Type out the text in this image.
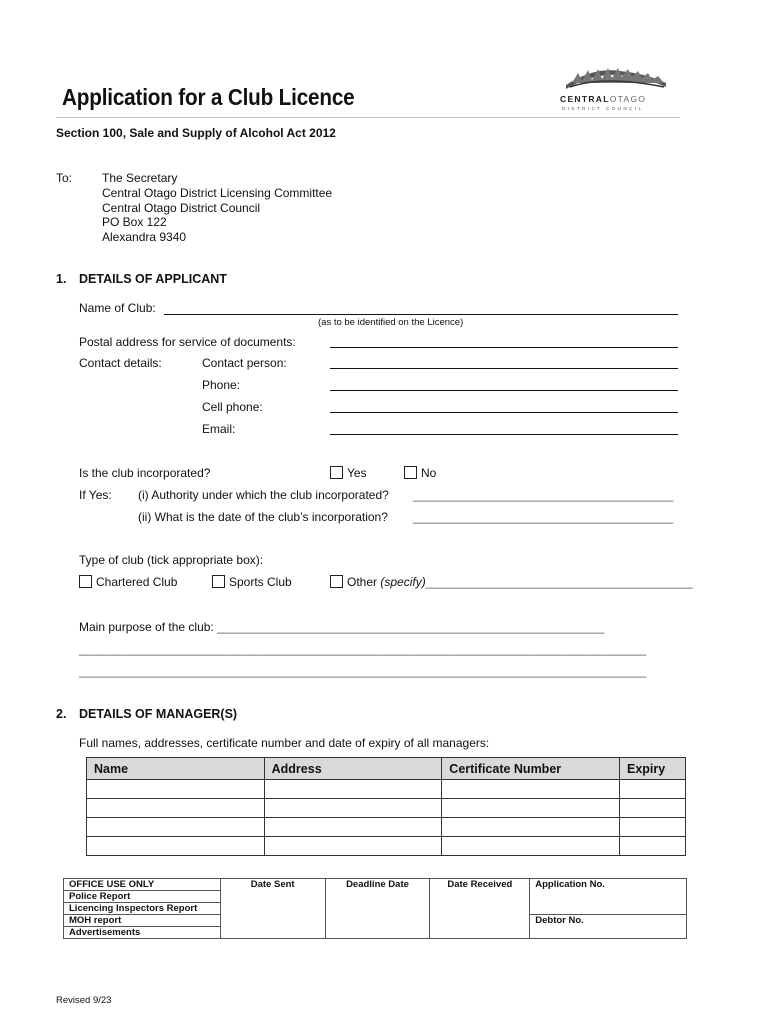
Application for a Club Licence	CENTRALOTAGO
DISTRICT COUNCIL
Section 100, Sale and Supply of Alcohol Act 2012
To: The Secretary
Central Otago District Licensing Committee
Central Otago District Council
PO Box 122
Alexandra 9340
1. DETAILS OF APPLICANT
Name of Club:
(as to be identified on the Licence)
Postal address for service of documents:
Contact details:	Contact person:
Phone:
Cell phone:
Email:
Is the club incorporated?	Yes	No
If Yes: (i) Authority under which the club incorporated? _______________________________________
(ii) What is the date of the club’s incorporation? _______________________________________
Type of club (tick appropriate box):
Chartered Club	Sports Club	Other (specify)________________________________________
Main purpose of the club: __________________________________________________________
_____________________________________________________________________________________
_____________________________________________________________________________________
2. DETAILS OF MANAGER(S)
Full names, addresses, certificate number and date of expiry of all managers:
Name	Address	Certificate Number	Expiry

OFFICE USE ONLY	Date Sent	Deadline Date	Date Received	Application No.
Police Report				
Licencing Inspectors Report				
MOH report				Debtor No.
Advertisements				
Revised 9/23
